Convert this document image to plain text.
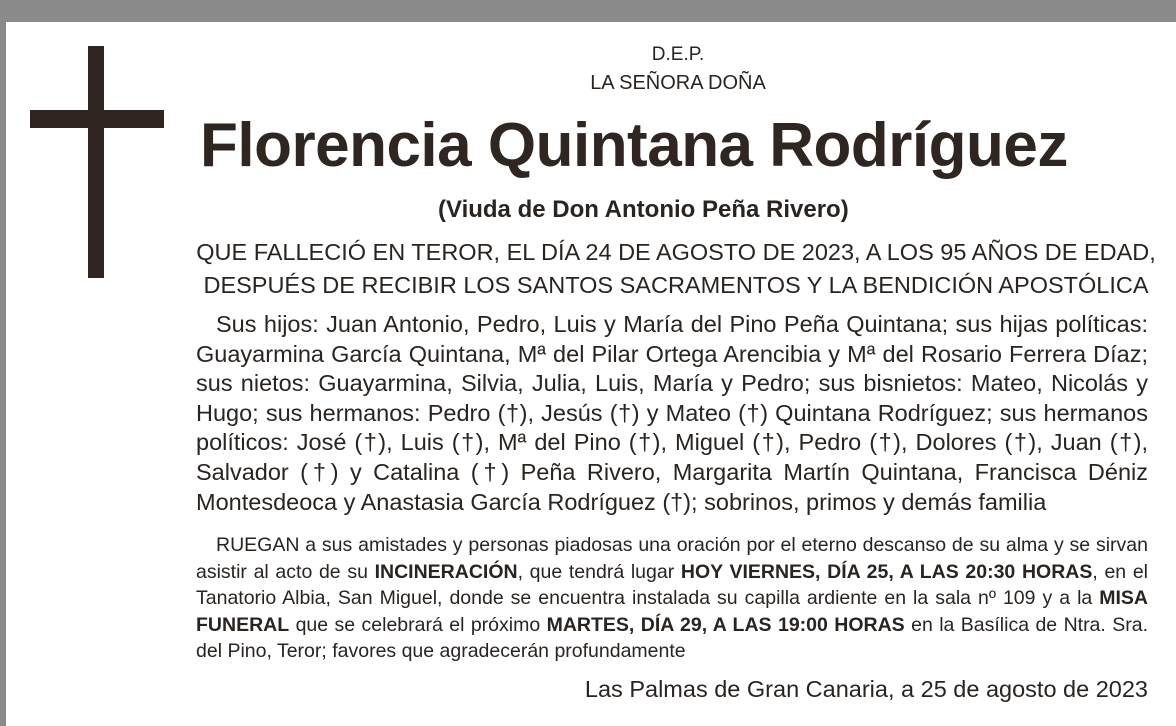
D.E.P.
LA SEÑORA DOÑA
Florencia Quintana Rodríguez
(Viuda de Don Antonio Peña Rivero)
QUE FALLECIÓ EN TEROR, EL DÍA 24 DE AGOSTO DE 2023, A LOS 95 AÑOS DE EDAD,
DESPUÉS DE RECIBIR LOS SANTOS SACRAMENTOS Y LA BENDICIÓN APOSTÓLICA
Sus hijos: Juan Antonio, Pedro, Luis y María del Pino Peña Quintana; sus hijas políticas: Guayarmina García Quintana, Mª del Pilar Ortega Arencibia y Mª del Rosario Ferrera Díaz; sus nietos: Guayarmina, Silvia, Julia, Luis, María y Pedro; sus bisnietos: Mateo, Nicolás y Hugo; sus hermanos: Pedro (†), Jesús (†) y Mateo (†) Quintana Rodríguez; sus hermanos políticos: José (†), Luis (†), Mª del Pino (†), Miguel (†), Pedro (†), Dolores (†), Juan (†), Salvador (†) y Catalina (†) Peña Rivero, Margarita Martín Quintana, Francisca Déniz Montesdeoca y Anastasia García Rodríguez (†); sobrinos, primos y demás familia
RUEGAN a sus amistades y personas piadosas una oración por el eterno descanso de su alma y se sirvan asistir al acto de su INCINERACIÓN, que tendrá lugar HOY VIERNES, DÍA 25, A LAS 20:30 HORAS, en el Tanatorio Albia, San Miguel, donde se encuentra instalada su capilla ardiente en la sala nº 109 y a la MISA FUNERAL que se celebrará el próximo MARTES, DÍA 29, A LAS 19:00 HORAS en la Basílica de Ntra. Sra. del Pino, Teror; favores que agradecerán profundamente
Las Palmas de Gran Canaria, a 25 de agosto de 2023
